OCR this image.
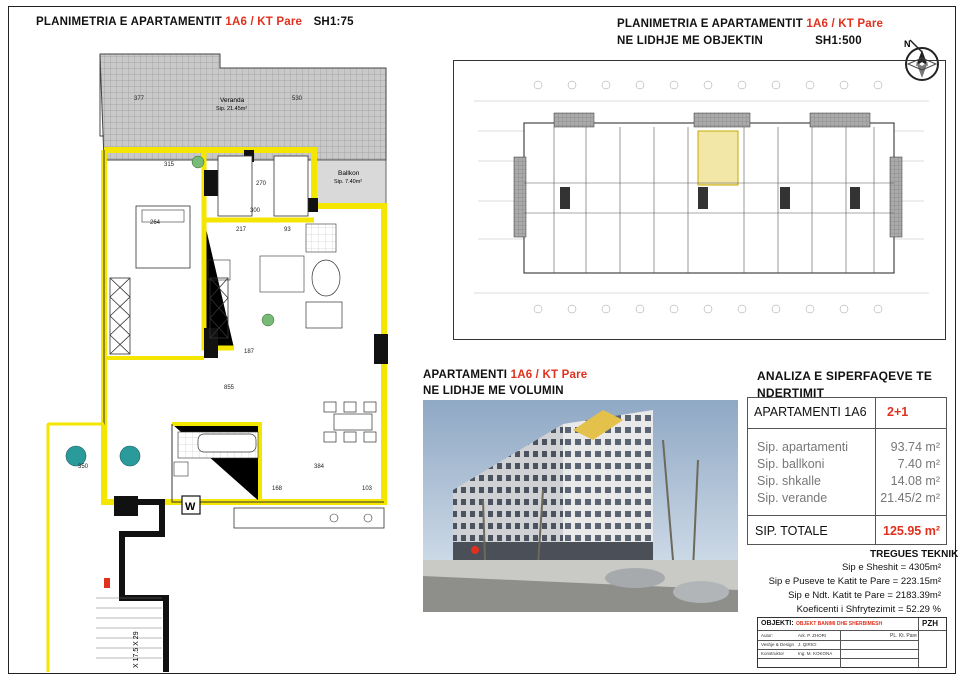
PLANIMETRIA E APARTAMENTIT 1A6 / KT Pare SH1:75	PLANIMETRIA E APARTAMENTIT 1A6 / KT Pare
NE LIDHJE ME OBJEKTIN	SH1:500	N
W
377	530
315
270
264
300
217	93
187
855
350	384
168	103
Veranda
Sip. 21.45m²
Ballkon
Sip. 7.40m²
X 17.5 X 29
APARTAMENTI 1A6 / KT Pare
NE LIDHJE ME VOLUMIN
ANALIZA E SIPERFAQEVE TE
NDERTIMIT
APARTAMENTI 1A6 2+1
Sip. apartamenti	93.74 m²
Sip. ballkoni	7.40 m²
Sip. shkalle	14.08 m²
Sip. verande	21.45/2 m²
SIP. TOTALE	125.95 m²
TREGUES TEKNIK
Sip e Sheshit = 4305m²
Sip e Puseve te Katit te Pare = 223.15m²
Sip e Ndt. Katit te Pare = 2183.39m²
Koeficenti i Shfrytezimit = 52.29 %
OBJEKTI: OBJEKT BANIMI DHE SHERBIMESH	PZH
Autor:	Ark. P. ZHORI
Veshje & Design J. QIRICI
Konstruktor	Ing. M. KOKONA
PL. Kt. Pare
